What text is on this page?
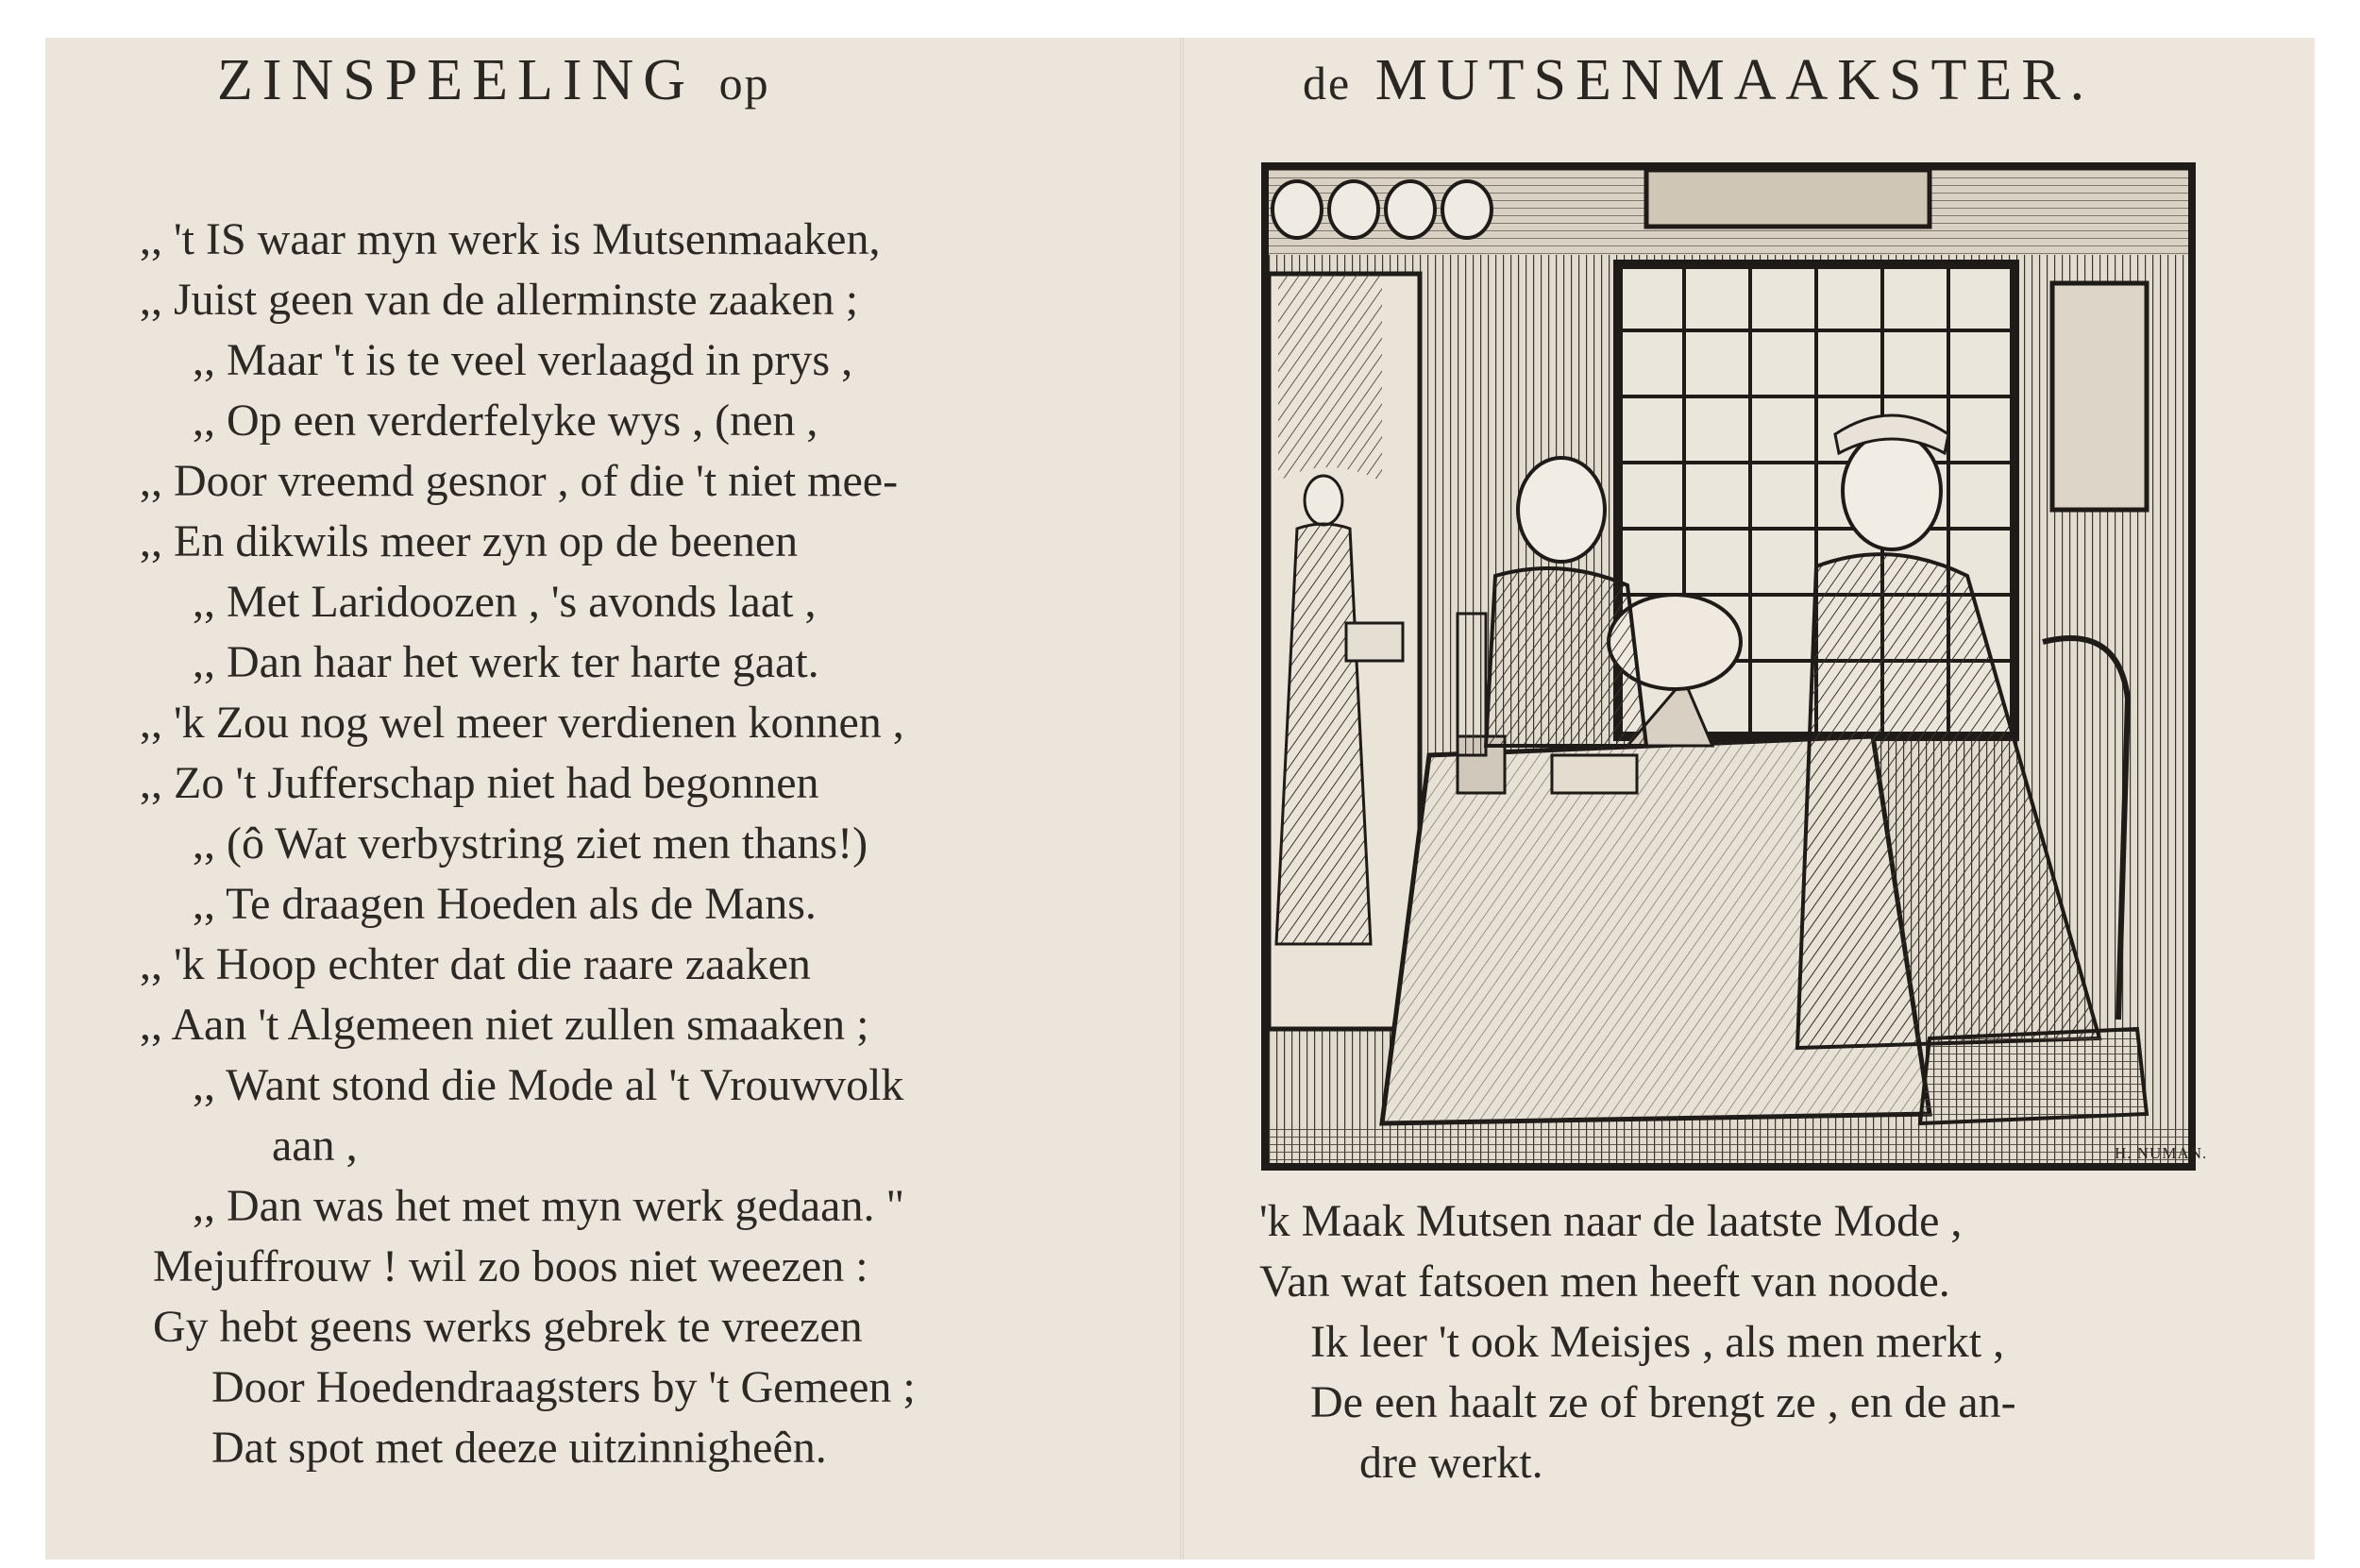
ZINSPEELING op	de MUTSENMAAKSTER.
,, 't IS waar myn werk is Mutsenmaaken,
,, Juist geen van de allerminste zaaken ;
,, Maar 't is te veel verlaagd in prys ,
,, Op een verderfelyke wys , (nen ,
,, Door vreemd gesnor , of die 't niet mee-
,, En dikwils meer zyn op de beenen
,, Met Laridoozen , 's avonds laat ,
,, Dan haar het werk ter harte gaat.
,, 'k Zou nog wel meer verdienen konnen ,
,, Zo 't Jufferschap niet had begonnen
,, (ô Wat verbystring ziet men thans!)
,, Te draagen Hoeden als de Mans.
,, 'k Hoop echter dat die raare zaaken
,, Aan 't Algemeen niet zullen smaaken ;
,, Want stond die Mode al 't Vrouwvolk
aan ,
,, Dan was het met myn werk gedaan. "
Mejuffrouw ! wil zo boos niet weezen :
Gy hebt geens werks gebrek te vreezen
Door Hoedendraagsters by 't Gemeen ;
Dat spot met deeze uitzinnigheên.
H. NUMAN.
'k Maak Mutsen naar de laatste Mode ,
Van wat fatsoen men heeft van noode.
Ik leer 't ook Meisjes , als men merkt ,
De een haalt ze of brengt ze , en de an-
dre werkt.
